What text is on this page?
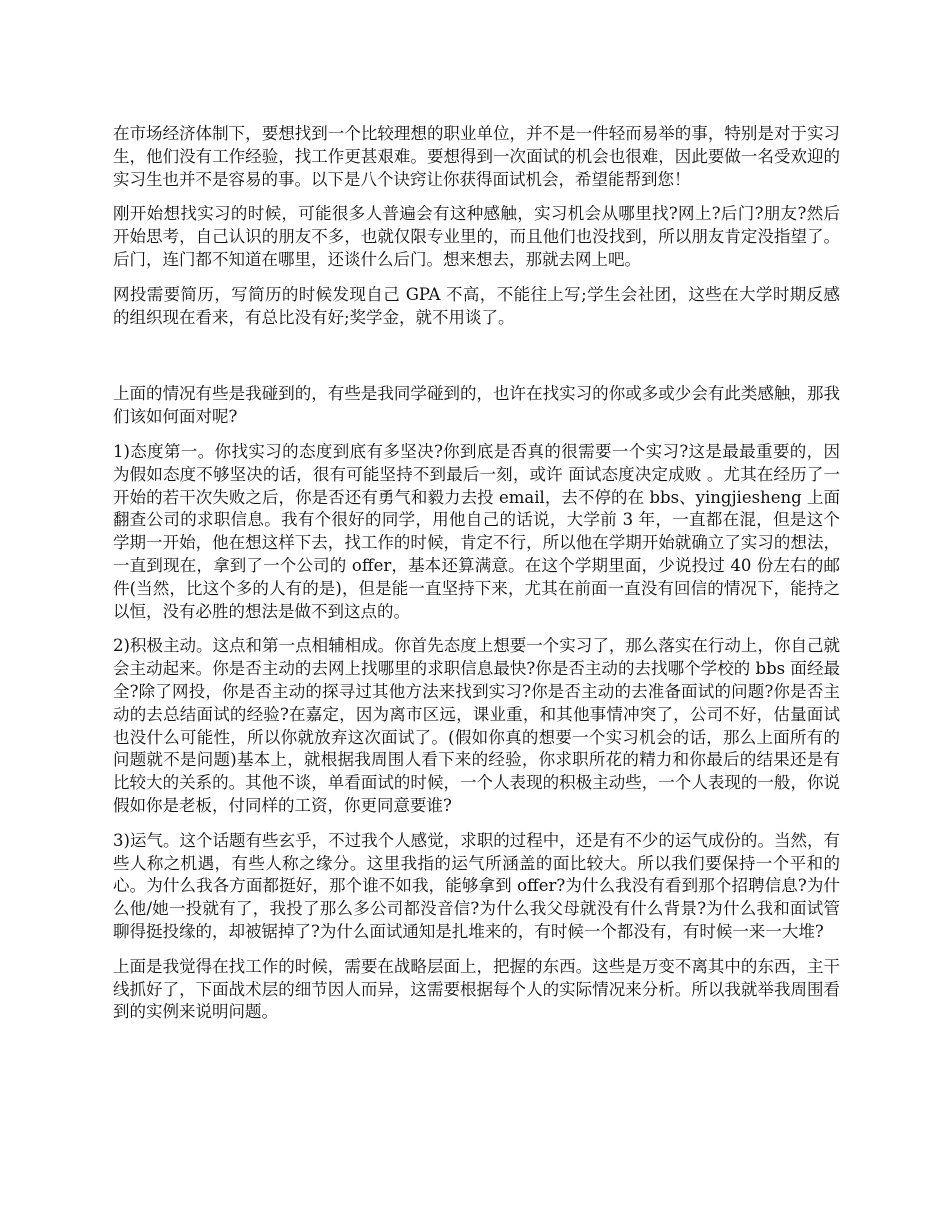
在市场经济体制下，要想找到一个比较理想的职业单位，并不是一件轻而易举的事，特别是对于实习生，他们没有工作经验，找工作更甚艰难。要想得到一次面试的机会也很难，因此要做一名受欢迎的实习生也并不是容易的事。以下是八个诀窍让你获得面试机会，希望能帮到您！

刚开始想找实习的时候，可能很多人普遍会有这种感触，实习机会从哪里找?网上?后门?朋友?然后开始思考，自己认识的朋友不多，也就仅限专业里的，而且他们也没找到，所以朋友肯定没指望了。后门，连门都不知道在哪里，还谈什么后门。想来想去，那就去网上吧。

网投需要简历，写简历的时候发现自己 GPA 不高，不能往上写;学生会社团，这些在大学时期反感的组织现在看来，有总比没有好;奖学金，就不用谈了。

上面的情况有些是我碰到的，有些是我同学碰到的，也许在找实习的你或多或少会有此类感触，那我们该如何面对呢?

1)态度第一。你找实习的态度到底有多坚决?你到底是否真的很需要一个实习?这是最最重要的，因为假如态度不够坚决的话，很有可能坚持不到最后一刻，或许 面试态度决定成败 。尤其在经历了一开始的若干次失败之后，你是否还有勇气和毅力去投 email，去不停的在 bbs、yingjiesheng 上面翻查公司的求职信息。我有个很好的同学，用他自己的话说，大学前 3 年，一直都在混，但是这个学期一开始，他在想这样下去，找工作的时候，肯定不行，所以他在学期开始就确立了实习的想法，一直到现在，拿到了一个公司的 offer，基本还算满意。在这个学期里面，少说投过 40 份左右的邮件(当然，比这个多的人有的是)，但是能一直坚持下来，尤其在前面一直没有回信的情况下，能持之以恒，没有必胜的想法是做不到这点的。

2)积极主动。这点和第一点相辅相成。你首先态度上想要一个实习了，那么落实在行动上，你自己就会主动起来。你是否主动的去网上找哪里的求职信息最快?你是否主动的去找哪个学校的 bbs 面经最全?除了网投，你是否主动的探寻过其他方法来找到实习?你是否主动的去准备面试的问题?你是否主动的去总结面试的经验?在嘉定，因为离市区远，课业重，和其他事情冲突了，公司不好，估量面试也没什么可能性，所以你就放弃这次面试了。(假如你真的想要一个实习机会的话，那么上面所有的问题就不是问题)基本上，就根据我周围人看下来的经验，你求职所花的精力和你最后的结果还是有比较大的关系的。其他不谈，单看面试的时候，一个人表现的积极主动些，一个人表现的一般，你说假如你是老板，付同样的工资，你更同意要谁?

3)运气。这个话题有些玄乎，不过我个人感觉，求职的过程中，还是有不少的运气成份的。当然，有些人称之机遇，有些人称之缘分。这里我指的运气所涵盖的面比较大。所以我们要保持一个平和的心。为什么我各方面都挺好，那个谁不如我，能够拿到 offer?为什么我没有看到那个招聘信息?为什么他/她一投就有了，我投了那么多公司都没音信?为什么我父母就没有什么背景?为什么我和面试管聊得挺投缘的，却被锯掉了?为什么面试通知是扎堆来的，有时候一个都没有，有时候一来一大堆?

上面是我觉得在找工作的时候，需要在战略层面上，把握的东西。这些是万变不离其中的东西，主干线抓好了，下面战术层的细节因人而异，这需要根据每个人的实际情况来分析。所以我就举我周围看到的实例来说明问题。
